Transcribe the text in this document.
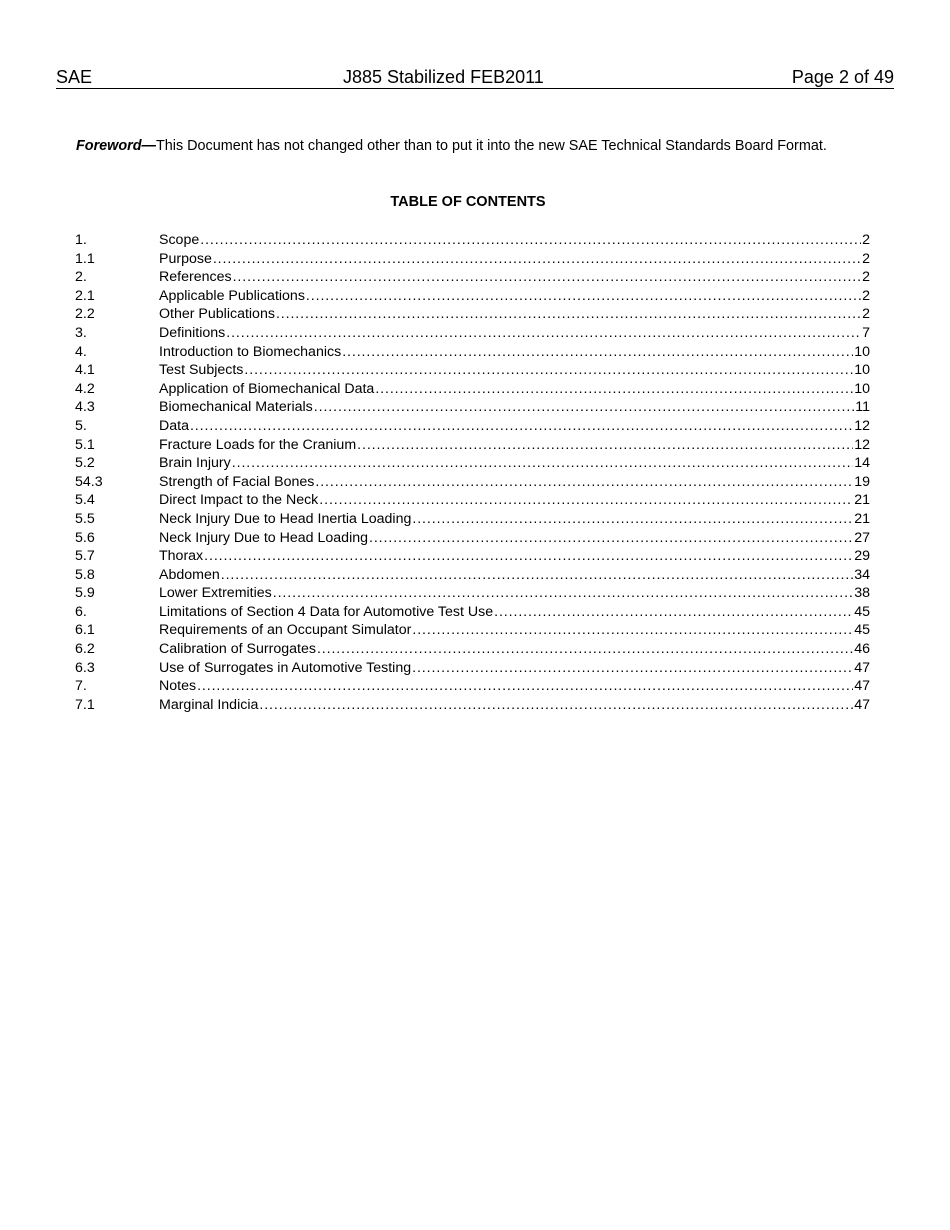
SAE	J885 Stabilized FEB2011	Page 2 of 49
Foreword—This Document has not changed other than to put it into the new SAE Technical Standards Board Format.
TABLE OF CONTENTS
1.	Scope .....	2
1.1	Purpose .....	2
2.	References .....	2
2.1	Applicable Publications .....	2
2.2	Other Publications .....	2
3.	Definitions .....	7
4.	Introduction to Biomechanics .....	10
4.1	Test Subjects .....	10
4.2	Application of Biomechanical Data .....	10
4.3	Biomechanical Materials .....	11
5.	Data .....	12
5.1	Fracture Loads for the Cranium .....	12
5.2	Brain Injury .....	14
54.3	Strength of Facial Bones .....	19
5.4	Direct Impact to the Neck .....	21
5.5	Neck Injury Due to Head Inertia Loading .....	21
5.6	Neck Injury Due to Head Loading .....	27
5.7	Thorax .....	29
5.8	Abdomen .....	34
5.9	Lower Extremities .....	38
6.	Limitations of Section 4 Data for Automotive Test Use .....	45
6.1	Requirements of an Occupant Simulator .....	45
6.2	Calibration of Surrogates .....	46
6.3	Use of Surrogates in Automotive Testing .....	47
7.	Notes .....	47
7.1	Marginal Indicia .....	47
